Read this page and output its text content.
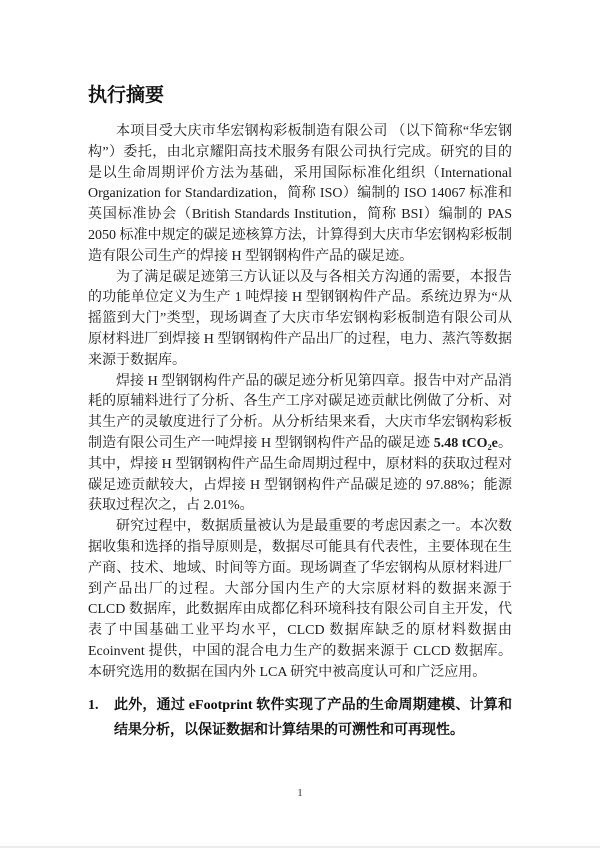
执行摘要

本项目受大庆市华宏钢构彩板制造有限公司 （以下简称“华宏钢构”）委托，由北京耀阳高技术服务有限公司执行完成。研究的目的是以生命周期评价方法为基础，采用国际标准化组织（International Organization for Standardization，简称 ISO）编制的 ISO 14067 标准和英国标准协会（British Standards Institution，简称 BSI）编制的 PAS 2050 标准中规定的碳足迹核算方法，计算得到大庆市华宏钢构彩板制造有限公司生产的焊接 H 型钢钢构件产品的碳足迹。

为了满足碳足迹第三方认证以及与各相关方沟通的需要，本报告的功能单位定义为生产 1 吨焊接 H 型钢钢构件产品。系统边界为“从摇篮到大门”类型，现场调查了大庆市华宏钢构彩板制造有限公司从原材料进厂到焊接 H 型钢钢构件产品出厂的过程，电力、蒸汽等数据来源于数据库。

焊接 H 型钢钢构件产品的碳足迹分析见第四章。报告中对产品消耗的原辅料进行了分析、各生产工序对碳足迹贡献比例做了分析、对其生产的灵敏度进行了分析。从分析结果来看，大庆市华宏钢构彩板制造有限公司生产一吨焊接 H 型钢钢构件产品的碳足迹 5.48 tCO₂e。其中，焊接 H 型钢钢构件产品生命周期过程中，原材料的获取过程对碳足迹贡献较大，占焊接 H 型钢钢构件产品碳足迹的 97.88%；能源获取过程次之，占 2.01%。

研究过程中，数据质量被认为是最重要的考虑因素之一。本次数据收集和选择的指导原则是，数据尽可能具有代表性，主要体现在生产商、技术、地域、时间等方面。现场调查了华宏钢构从原材料进厂到产品出厂的过程。大部分国内生产的大宗原材料的数据来源于 CLCD 数据库，此数据库由成都亿科环境科技有限公司自主开发，代表了中国基础工业平均水平，CLCD 数据库缺乏的原材料数据由 Ecoinvent 提供，中国的混合电力生产的数据来源于 CLCD 数据库。本研究选用的数据在国内外 LCA 研究中被高度认可和广泛应用。

1.	此外，通过 eFootprint 软件实现了产品的生命周期建模、计算和结果分析，以保证数据和计算结果的可溯性和可再现性。
1
